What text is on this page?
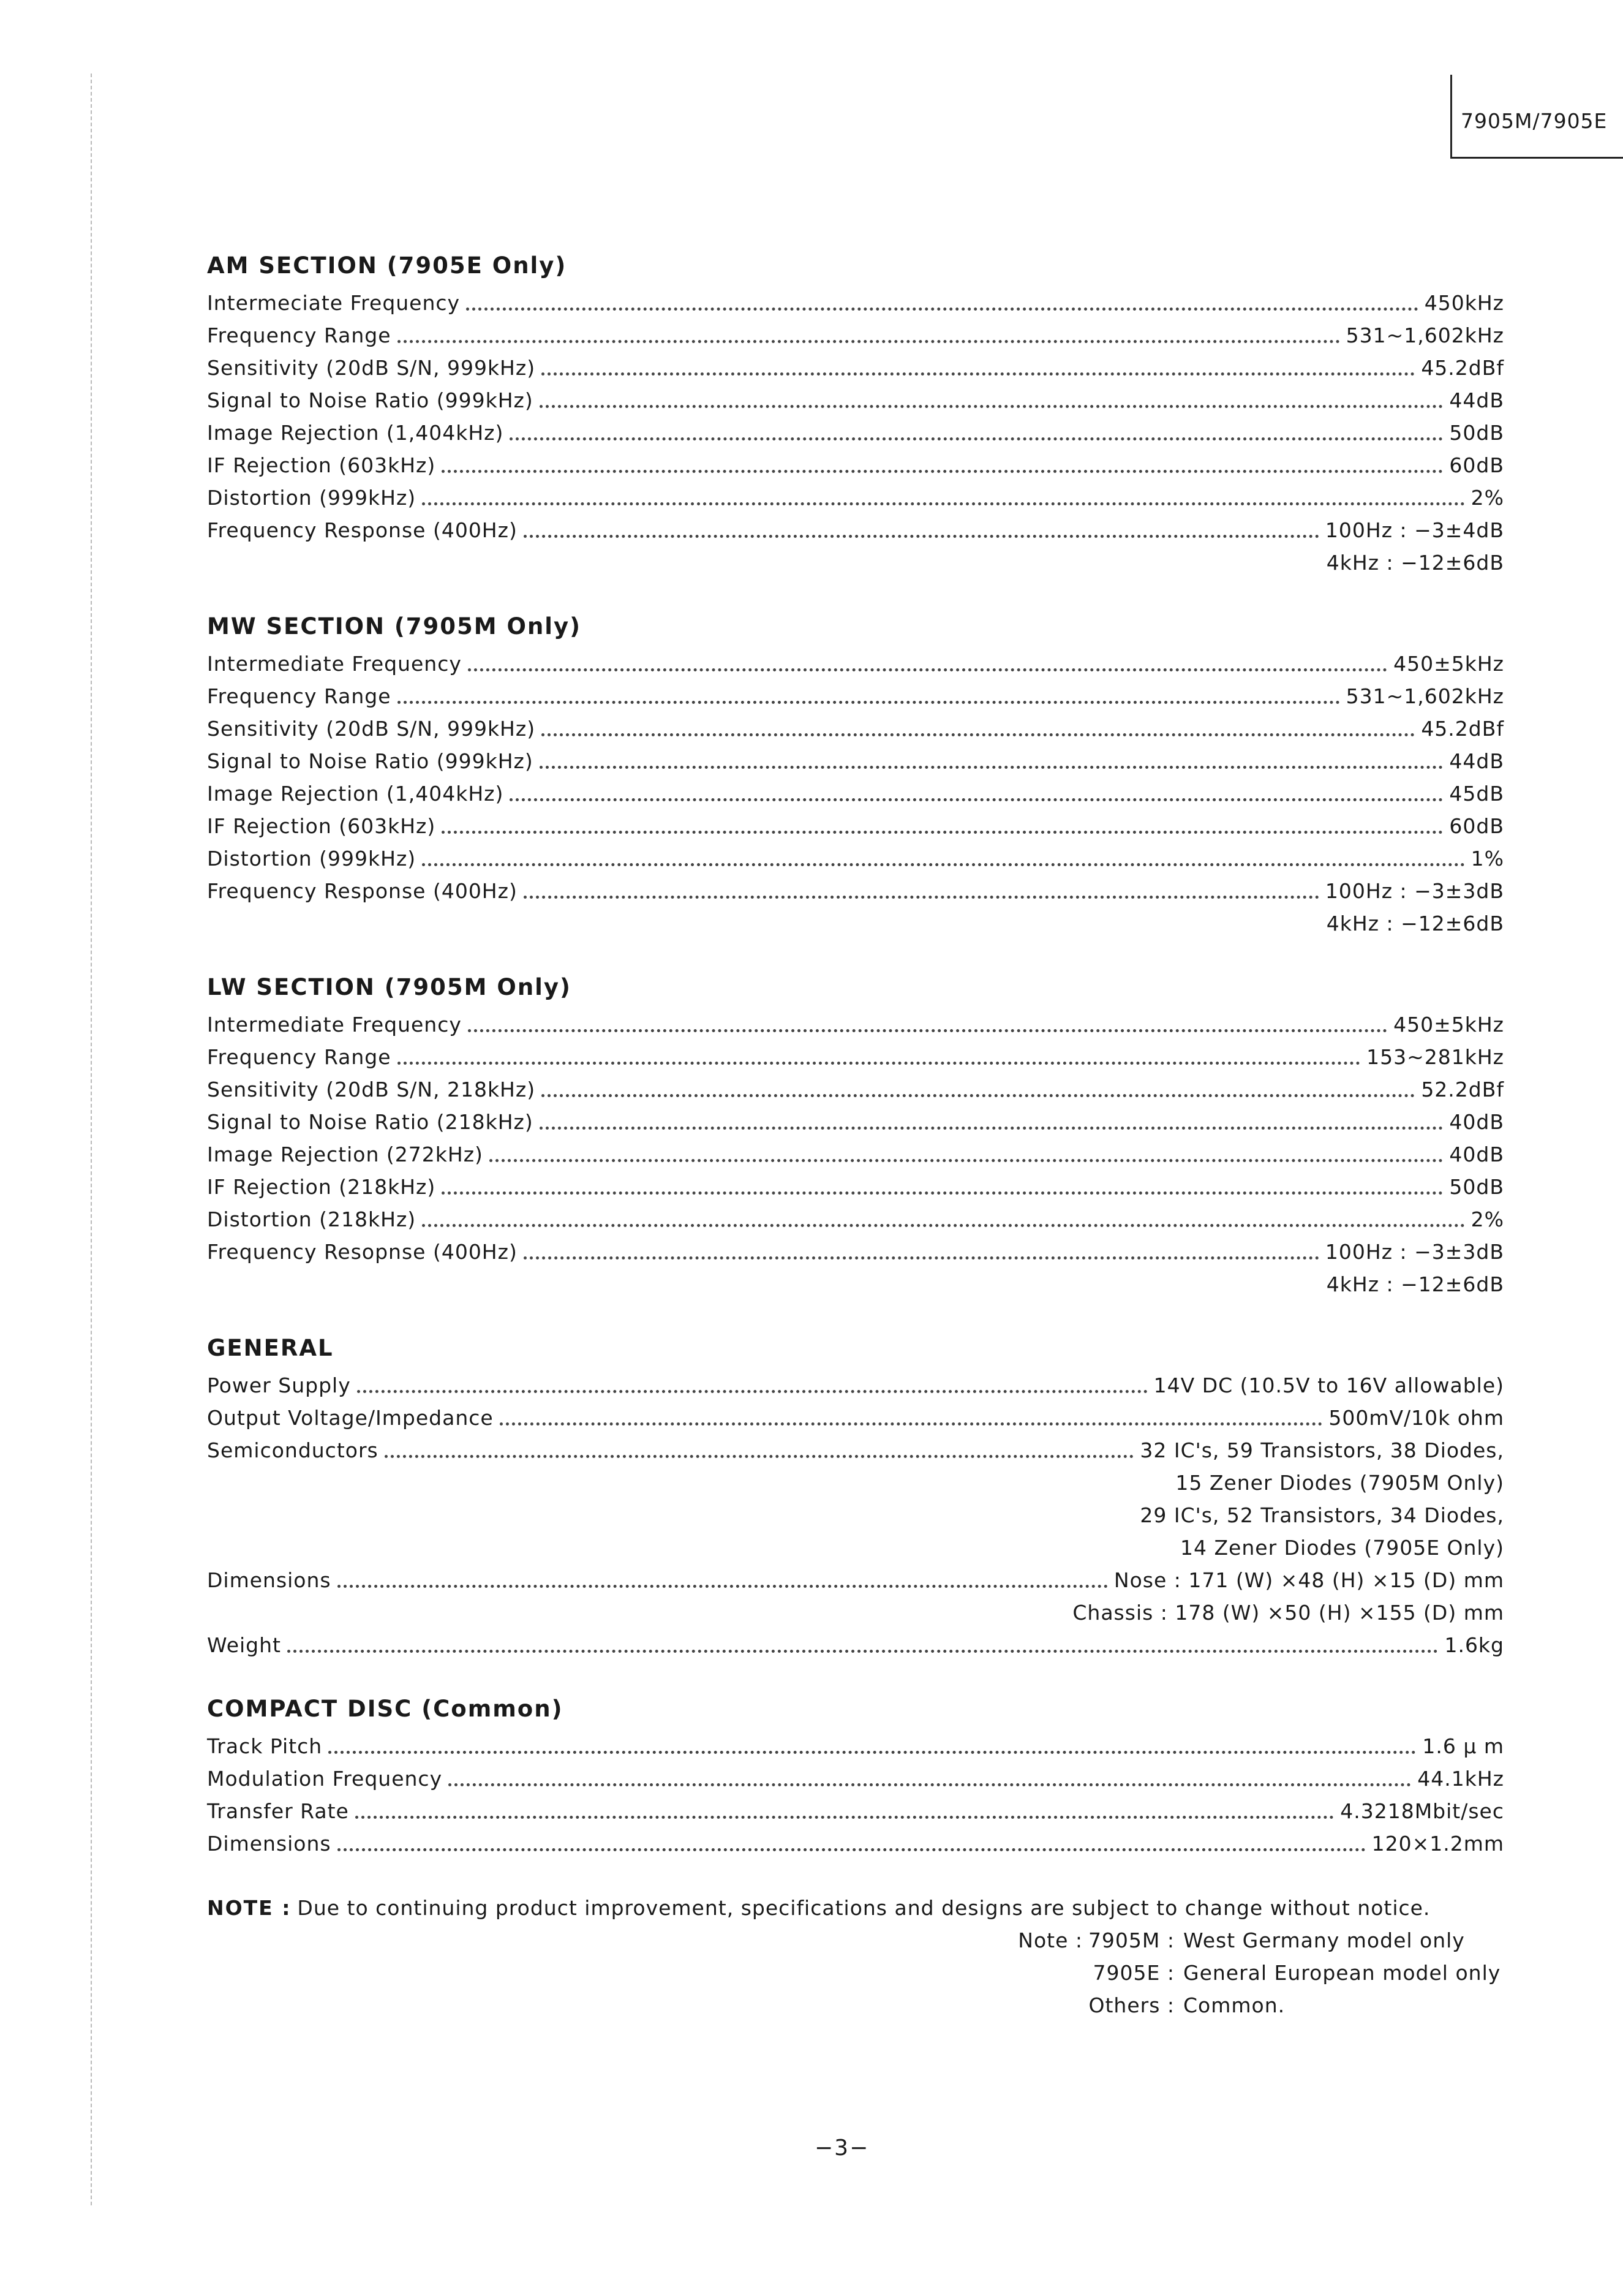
7905M/7905E
AM SECTION (7905E Only)
Intermeciate Frequency	450kHz
Frequency Range	531~1,602kHz
Sensitivity (20dB S/N, 999kHz)	45.2dBf
Signal to Noise Ratio (999kHz)	44dB
Image Rejection (1,404kHz)	50dB
IF Rejection (603kHz)	60dB
Distortion (999kHz)	2%
Frequency Response (400Hz)	100Hz : −3±4dB
4kHz : −12±6dB
MW SECTION (7905M Only)
Intermediate Frequency	450±5kHz
Frequency Range	531~1,602kHz
Sensitivity (20dB S/N, 999kHz)	45.2dBf
Signal to Noise Ratio (999kHz)	44dB
Image Rejection (1,404kHz)	45dB
IF Rejection (603kHz)	60dB
Distortion (999kHz)	1%
Frequency Response (400Hz)	100Hz : −3±3dB
4kHz : −12±6dB
LW SECTION (7905M Only)
Intermediate Frequency	450±5kHz
Frequency Range	153~281kHz
Sensitivity (20dB S/N, 218kHz)	52.2dBf
Signal to Noise Ratio (218kHz)	40dB
Image Rejection (272kHz)	40dB
IF Rejection (218kHz)	50dB
Distortion (218kHz)	2%
Frequency Resopnse (400Hz)	100Hz : −3±3dB
4kHz : −12±6dB
GENERAL
Power Supply	14V DC (10.5V to 16V allowable)
Output Voltage/Impedance	500mV/10k ohm
Semiconductors	32 IC's, 59 Transistors, 38 Diodes,
15 Zener Diodes (7905M Only)
29 IC's, 52 Transistors, 34 Diodes,
14 Zener Diodes (7905E Only)
Dimensions	Nose : 171 (W) ×48 (H) ×15 (D) mm
Chassis : 178 (W) ×50 (H) ×155 (D) mm
Weight	1.6kg
COMPACT DISC (Common)
Track Pitch	1.6 μ m
Modulation Frequency	44.1kHz
Transfer Rate	4.3218Mbit/sec
Dimensions	120×1.2mm
NOTE : Due to continuing product improvement, specifications and designs are subject to change without notice.
Note : 7905M : West Germany model only
7905E : General European model only
Others : Common.
−3−
